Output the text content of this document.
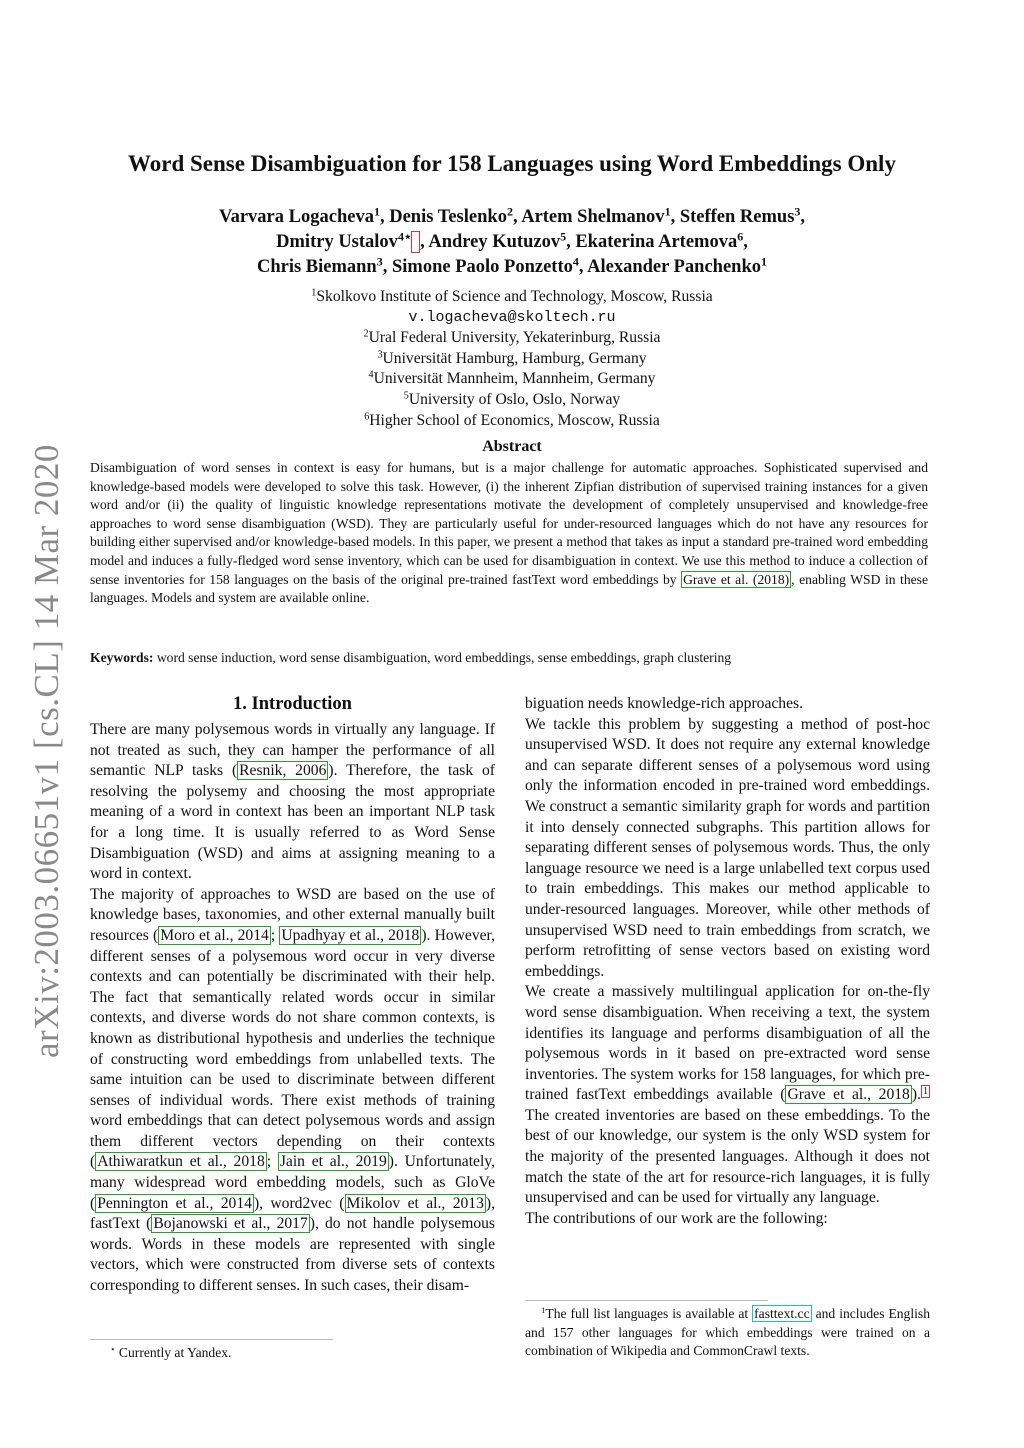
arXiv:2003.06651v1 [cs.CL] 14 Mar 2020
Word Sense Disambiguation for 158 Languages using Word Embeddings Only
Varvara Logacheva$^1$, Denis Teslenko$^2$, Artem Shelmanov$^1$, Steffen Remus$^3$,
Dmitry Ustalov$^{4⋆}$ , Andrey Kutuzov$^5$, Ekaterina Artemova$^6$,
Chris Biemann$^3$, Simone Paolo Ponzetto$^4$, Alexander Panchenko$^1$
$^1$Skolkovo Institute of Science and Technology, Moscow, Russia
v.logacheva@skoltech.ru
$^2$Ural Federal University, Yekaterinburg, Russia
$^3$Universität Hamburg, Hamburg, Germany
$^4$Universität Mannheim, Mannheim, Germany
$^5$University of Oslo, Oslo, Norway
$^6$Higher School of Economics, Moscow, Russia
Abstract
Disambiguation of word senses in context is easy for humans, but is a major challenge for automatic approaches. Sophisticated supervised and knowledge-based models were developed to solve this task. However, (i) the inherent Zipfian distribution of supervised training instances for a given word and/or (ii) the quality of linguistic knowledge representations motivate the development of completely unsupervised and knowledge-free approaches to word sense disambiguation (WSD). They are particularly useful for under-resourced languages which do not have any resources for building either supervised and/or knowledge-based models. In this paper, we present a method that takes as input a standard pre-trained word embedding model and induces a fully-fledged word sense inventory, which can be used for disambiguation in context. We use this method to induce a collection of sense inventories for 158 languages on the basis of the original pre-trained fastText word embeddings by Grave et al. (2018) , enabling WSD in these languages. Models and system are available online.
Keywords: word sense induction, word sense disambiguation, word embeddings, sense embeddings, graph clustering
1. Introduction

There are many polysemous words in virtually any language. If not treated as such, they can hamper the performance of all semantic NLP tasks ( Resnik, 2006 ). Therefore, the task of resolving the polysemy and choosing the most appropriate meaning of a word in context has been an important NLP task for a long time. It is usually referred to as Word Sense Disambiguation (WSD) and aims at assigning meaning to a word in context.

The majority of approaches to WSD are based on the use of knowledge bases, taxonomies, and other external manually built resources ( Moro et al., 2014 ; Upadhyay et al., 2018 ). However, different senses of a polysemous word occur in very diverse contexts and can potentially be discriminated with their help. The fact that semantically related words occur in similar contexts, and diverse words do not share common contexts, is known as distributional hypothesis and underlies the technique of constructing word embeddings from unlabelled texts. The same intuition can be used to discriminate between different senses of individual words. There exist methods of training word embeddings that can detect polysemous words and assign them different vectors depending on their contexts ( Athiwaratkun et al., 2018 ; Jain et al., 2019 ). Unfortunately, many widespread word embedding models, such as GloVe ( Pennington et al., 2014 ), word2vec ( Mikolov et al., 2013 ), fastText ( Bojanowski et al., 2017 ), do not handle polysemous words. Words in these models are represented with single vectors, which were constructed from diverse sets of contexts corresponding to different senses. In such cases, their disam-

biguation needs knowledge-rich approaches.

We tackle this problem by suggesting a method of post-hoc unsupervised WSD. It does not require any external knowledge and can separate different senses of a polysemous word using only the information encoded in pre-trained word embeddings. We construct a semantic similarity graph for words and partition it into densely connected subgraphs. This partition allows for separating different senses of polysemous words. Thus, the only language resource we need is a large unlabelled text corpus used to train embeddings. This makes our method applicable to under-resourced languages. Moreover, while other methods of unsupervised WSD need to train embeddings from scratch, we perform retrofitting of sense vectors based on existing word embeddings.

We create a massively multilingual application for on-the-fly word sense disambiguation. When receiving a text, the system identifies its language and performs disambiguation of all the polysemous words in it based on pre-extracted word sense inventories. The system works for 158 languages, for which pre-trained fastText embeddings available ( Grave et al., 2018 ). $^1$ The created inventories are based on these embeddings. To the best of our knowledge, our system is the only WSD system for the majority of the presented languages. Although it does not match the state of the art for resource-rich languages, it is fully unsupervised and can be used for virtually any language.

The contributions of our work are the following:

⋆ Currently at Yandex.
$^1$The full list languages is available at fasttext.cc and includes English and 157 other languages for which embeddings were trained on a combination of Wikipedia and CommonCrawl texts.
